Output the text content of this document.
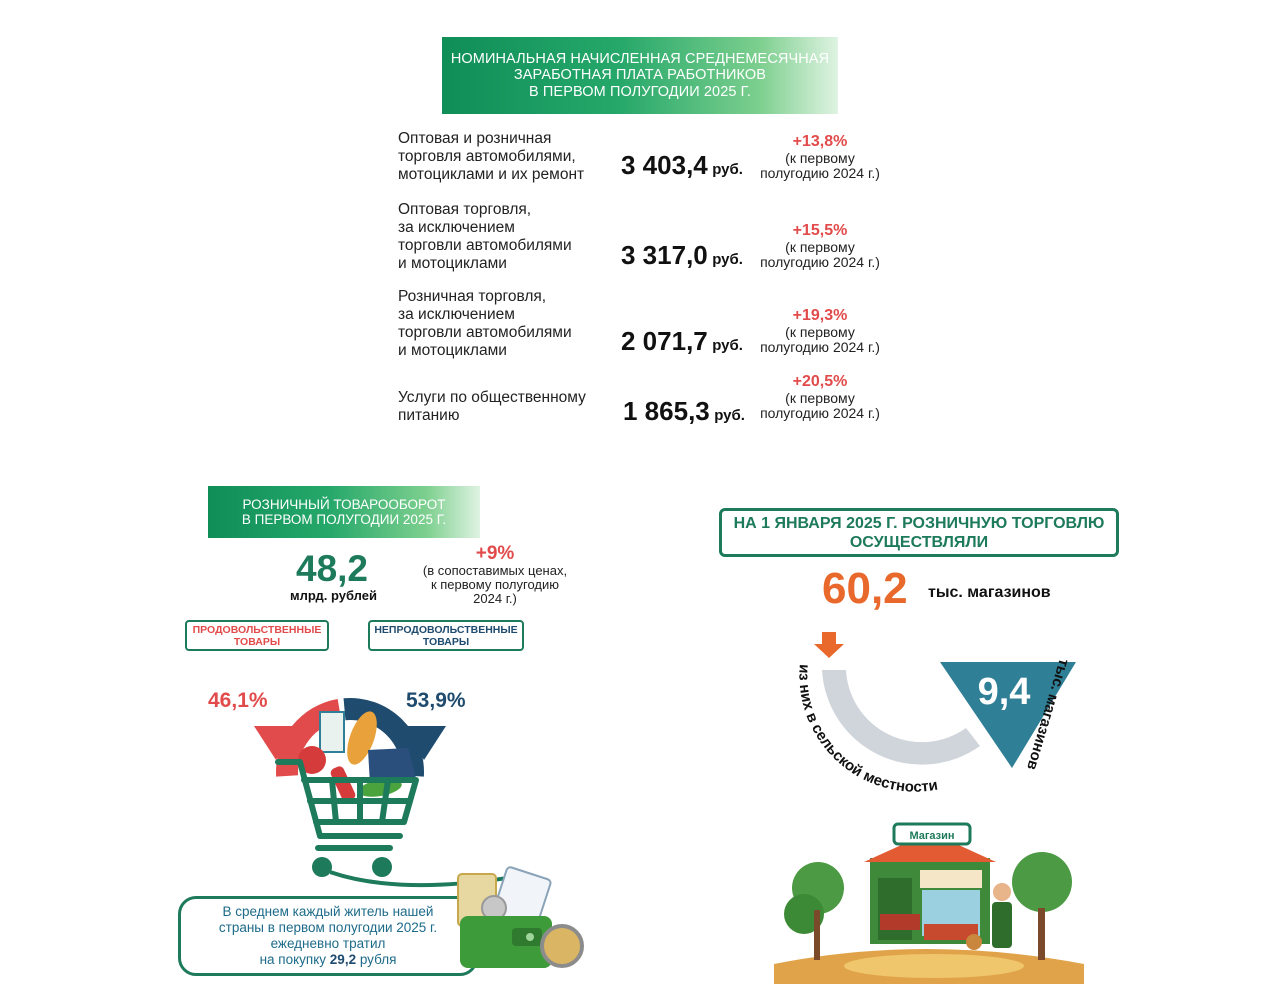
НОМИНАЛЬНАЯ НАЧИСЛЕННАЯ СРЕДНЕМЕСЯЧНАЯ
ЗАРАБОТНАЯ ПЛАТА РАБОТНИКОВ
В ПЕРВОМ ПОЛУГОДИИ 2025 Г.
Оптовая и розничная
торговля автомобилями,
мотоциклами и их ремонт	3 403,4 руб.
+13,8%
(к первому
полугодию 2024 г.)
Оптовая торговля,
за исключением
торговли автомобилями
и мотоциклами	3 317,0 руб.
+15,5%
(к первому
полугодию 2024 г.)
Розничная торговля,
за исключением
торговли автомобилями
и мотоциклами	2 071,7 руб.
+19,3%
(к первому
полугодию 2024 г.)
Услуги по общественному
питанию	1 865,3 руб.
+20,5%
(к первому
полугодию 2024 г.)
РОЗНИЧНЫЙ ТОВАРООБОРОТ
В ПЕРВОМ ПОЛУГОДИИ 2025 Г.
48,2
млрд. рублей
+9%
(в сопоставимых ценах,
к первому полугодию
2024 г.)
ПРОДОВОЛЬСТВЕННЫЕ
ТОВАРЫ
НЕПРОДОВОЛЬСТВЕННЫЕ
ТОВАРЫ
46,1%	53,9%
В среднем каждый житель нашей
страны в первом полугодии 2025 г.
ежедневно тратил
на покупку 29,2 рубля
НА 1 ЯНВАРЯ 2025 Г. РОЗНИЧНУЮ ТОРГОВЛЮ
ОСУЩЕСТВЛЯЛИ
60,2 тыс. магазинов
9,4
из них в сельской местности
тыс. магазинов
Магазин
